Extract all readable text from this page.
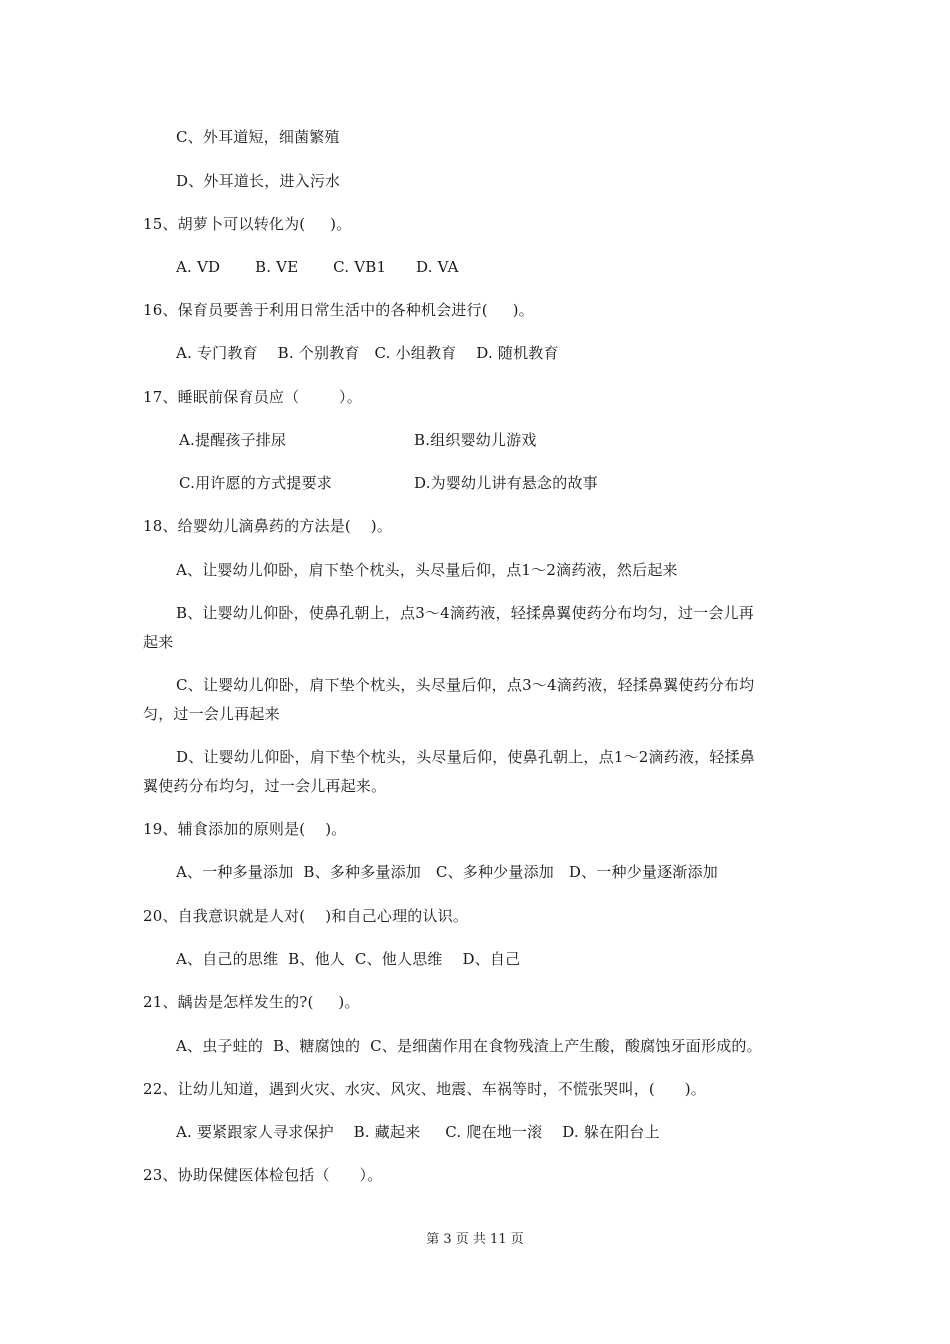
C、外耳道短，细菌繁殖
D、外耳道长，进入污水
15、胡萝卜可以转化为(     )。
A. VD       B. VE       C. VB1      D. VA
16、保育员要善于利用日常生活中的各种机会进行(     )。
A. 专门教育    B. 个别教育   C. 小组教育    D. 随机教育
17、睡眠前保育员应（        ）。
A.提醒孩子排尿	B.组织婴幼儿游戏
C.用许愿的方式提要求	D.为婴幼儿讲有悬念的故事
18、给婴幼儿滴鼻药的方法是(    )。
A、让婴幼儿仰卧，肩下垫个枕头，头尽量后仰，点1～2滴药液，然后起来
B、让婴幼儿仰卧，使鼻孔朝上，点3～4滴药液，轻揉鼻翼使药分布均匀，过一会儿再
起来
C、让婴幼儿仰卧，肩下垫个枕头，头尽量后仰，点3～4滴药液，轻揉鼻翼使药分布均
匀，过一会儿再起来
D、让婴幼儿仰卧，肩下垫个枕头，头尽量后仰，使鼻孔朝上，点1～2滴药液，轻揉鼻
翼使药分布均匀，过一会儿再起来。
19、辅食添加的原则是(    )。
A、一种多量添加  B、多种多量添加   C、多种少量添加   D、一种少量逐渐添加
20、自我意识就是人对(    )和自己心理的认识。
A、自己的思维  B、他人  C、他人思维    D、自己
21、龋齿是怎样发生的?(     )。
A、虫子蛀的  B、糖腐蚀的  C、是细菌作用在食物残渣上产生酸，酸腐蚀牙面形成的。
22、让幼儿知道，遇到火灾、水灾、风灾、地震、车祸等时，不慌张哭叫，(      )。
A. 要紧跟家人寻求保护    B. 藏起来     C. 爬在地一滚    D. 躲在阳台上
23、协助保健医体检包括（      ）。
第 3 页 共 11 页
